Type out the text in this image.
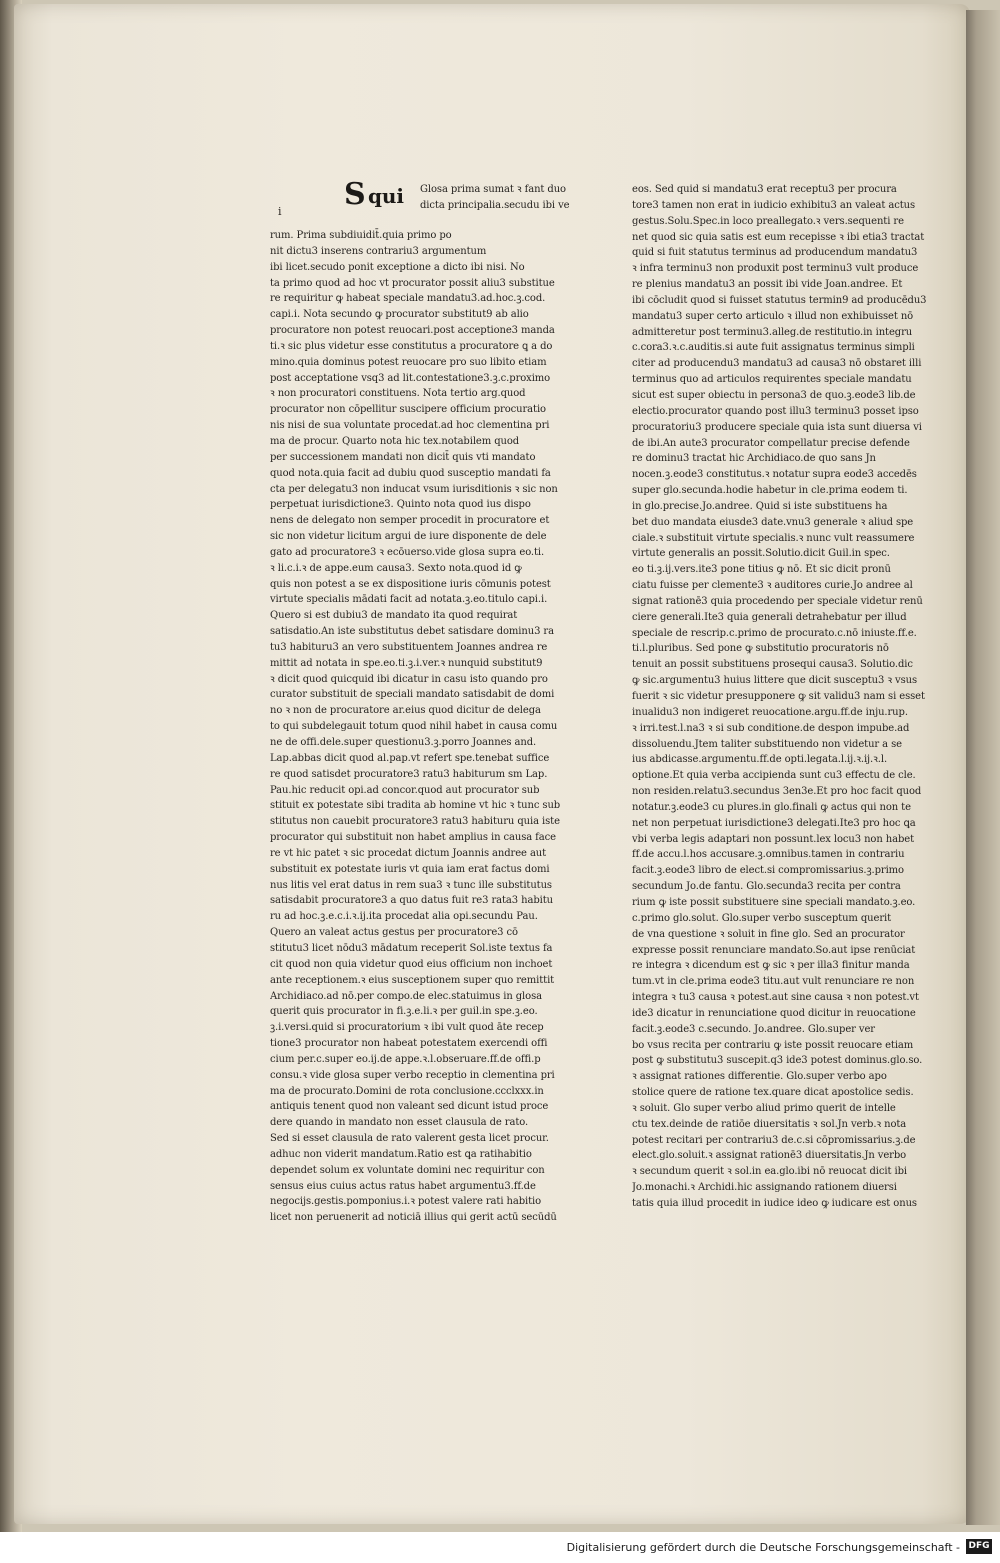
i S qui Glosa prima sumat ꝛ fant duo
dicta principalia.secudu ibi ve
rum. Prima subdiuidit̄.quia primo po
nit dictu3 inserens contrariu3 argumentum
ibi licet.secudo ponit exceptione a dicto ibi nisi. No
ta primo quod ad hoc vt procurator possit aliu3 substitue
re requiritur ꝙ habeat speciale mandatu3.ad.hoc.ꝫ.cod.
capi.i. Nota secundo ꝙ procurator substitut9 ab alio
procuratore non potest reuocari.post acceptione3 manda
ti.ꝛ sic plus videtur esse constitutus a procuratore ꝗ a do
mino.quia dominus potest reuocare pro suo libito etiam
post acceptatione vsq3 ad lit.contestatione3.ꝫ.c.proximo
ꝛ non procuratori constituens. Nota tertio arg.quod
procurator non cōpellitur suscipere officium procuratio
nis nisi de sua voluntate procedat.ad hoc clementina pri
ma de procur. Quarto nota hic tex.notabilem quod
per successionem mandati non dicit̄ quis vti mandato
quod nota.quia facit ad dubiu quod susceptio mandati fa
cta per delegatu3 non inducat vsum iurisditionis ꝛ sic non
perpetuat iurisdictione3. Quinto nota quod ius dispo
nens de delegato non semper procedit in procuratore et
sic non videtur licitum argui de iure disponente de dele
gato ad procuratore3 ꝛ ecōuerso.vide glosa supra eo.ti.
ꝛ li.c.i.ꝛ de appe.eum causa3. Sexto nota.quod id ꝙ
quis non potest a se ex dispositione iuris cōmunis potest
virtute specialis mādati facit ad notata.ꝫ.eo.titulo capi.i.
Quero si est dubiu3 de mandato ita quod requirat
satisdatio.An iste substitutus debet satisdare dominu3 ra
tu3 habituru3 an vero substituentem Joannes andrea re
mittit ad notata in spe.eo.ti.ꝫ.i.ver.ꝛ nunquid substitut9
ꝛ dicit quod quicquid ibi dicatur in casu isto quando pro
curator substituit de speciali mandato satisdabit de domi
no ꝛ non de procuratore ar.eius quod dicitur de delega
to qui subdelegauit totum quod nihil habet in causa comu
ne de offi.dele.super questionu3.ꝫ.porro Joannes and.
Lap.abbas dicit quod al.pap.vt refert spe.tenebat suffice
re quod satisdet procuratore3 ratu3 habiturum sm Lap.
Pau.hic reducit opi.ad concor.quod aut procurator sub
stituit ex potestate sibi tradita ab homine vt hic ꝛ tunc sub
stitutus non cauebit procuratore3 ratu3 habituru quia iste
procurator qui substituit non habet amplius in causa face
re vt hic patet ꝛ sic procedat dictum Joannis andree aut
substituit ex potestate iuris vt quia iam erat factus domi
nus litis vel erat datus in rem sua3 ꝛ tunc ille substitutus
satisdabit procuratore3 a quo datus fuit re3 rata3 habitu
ru ad hoc.ꝫ.e.c.i.ꝛ.ij.ita procedat alia opi.secundu Pau.
Quero an valeat actus gestus per procuratore3 cō
stitutu3 licet nōdu3 mādatum receperit Sol.iste textus fa
cit quod non quia videtur quod eius officium non inchoet
ante receptionem.ꝛ eius susceptionem super quo remittit
Archidiaco.ad nō.per compo.de elec.statuimus in glosa
querit quis procurator in fi.ꝫ.e.li.ꝛ per guil.in spe.ꝫ.eo.
ꝫ.i.versi.quid si procuratorium ꝛ ibi vult quod āte recep
tione3 procurator non habeat potestatem exercendi offi
cium per.c.super eo.ij.de appe.ꝛ.l.obseruare.ff.de offi.p
consu.ꝛ vide glosa super verbo receptio in clementina pri
ma de procurato.Domini de rota conclusione.ccclxxx.in
antiquis tenent quod non valeant sed dicunt istud proce
dere quando in mandato non esset clausula de rato.
Sed si esset clausula de rato valerent gesta licet procur.
adhuc non viderit mandatum.Ratio est ꝗa ratihabitio
dependet solum ex voluntate domini nec requiritur con
sensus eius cuius actus ratus habet argumentu3.ff.de
negocijs.gestis.pomponius.i.ꝛ potest valere rati habitio
licet non peruenerit ad noticiā illius qui gerit actū secūdū
eos. Sed quid si mandatu3 erat receptu3 per procura
tore3 tamen non erat in iudicio exhibitu3 an valeat actus
gestus.Solu.Spec.in loco preallegato.ꝛ vers.sequenti re
net quod sic quia satis est eum recepisse ꝛ ibi etia3 tractat
quid si fuit statutus terminus ad producendum mandatu3
ꝛ infra terminu3 non produxit post terminu3 vult produce
re plenius mandatu3 an possit ibi vide Joan.andree. Et
ibi cōcludit quod si fuisset statutus termin9 ad producēdu3
mandatu3 super certo articulo ꝛ illud non exhibuisset nō
admitteretur post terminu3.alleg.de restitutio.in integru
c.cora3.ꝛ.c.auditis.si aute fuit assignatus terminus simpli
citer ad producendu3 mandatu3 ad causa3 nō obstaret illi
terminus quo ad articulos requirentes speciale mandatu
sicut est super obiectu in persona3 de quo.ꝫ.eode3 lib.de
electio.procurator quando post illu3 terminu3 posset ipso
procuratoriu3 producere speciale quia ista sunt diuersa vi
de ibi.An aute3 procurator compellatur precise defende
re dominu3 tractat hic Archidiaco.de quo sans Jn
nocen.ꝫ.eode3 constitutus.ꝛ notatur supra eode3 accedēs
super glo.secunda.hodie habetur in cle.prima eodem ti.
in glo.precise.Jo.andree. Quid si iste substituens ha
bet duo mandata eiusde3 date.vnu3 generale ꝛ aliud spe
ciale.ꝛ substituit virtute specialis.ꝛ nunc vult reassumere
virtute generalis an possit.Solutio.dicit Guil.in spec.
eo ti.ꝫ.ij.vers.ite3 pone titius ꝙ nō. Et sic dicit pronū
ciatu fuisse per clemente3 ꝛ auditores curie.Jo andree al
signat rationē3 quia procedendo per speciale videtur renū
ciere generali.Ite3 quia generali detrahebatur per illud
speciale de rescrip.c.primo de procurato.c.nō iniuste.ff.e.
ti.l.pluribus. Sed pone ꝙ substitutio procuratoris nō
tenuit an possit substituens prosequi causa3. Solutio.dic
ꝙ sic.argumentu3 huius littere que dicit susceptu3 ꝛ vsus
fuerit ꝛ sic videtur presupponere ꝙ sit validu3 nam si esset
inualidu3 non indigeret reuocatione.argu.ff.de inju.rup.
ꝛ irri.test.l.na3 ꝛ si sub conditione.de despon impube.ad
dissoluendu.Jtem taliter substituendo non videtur a se
ius abdicasse.argumentu.ff.de opti.legata.l.ij.ꝛ.ij.ꝛ.l.
optione.Et quia verba accipienda sunt cu3 effectu de cle.
non residen.relatu3.secundus 3en3e.Et pro hoc facit quod
notatur.ꝫ.eode3 cu plures.in glo.finali ꝙ actus qui non te
net non perpetuat iurisdictione3 delegati.Ite3 pro hoc ꝗa
vbi verba legis adaptari non possunt.lex locu3 non habet
ff.de accu.l.hos accusare.ꝫ.omnibus.tamen in contrariu
facit.ꝫ.eode3 libro de elect.si compromissarius.ꝫ.primo
secundum Jo.de fantu. Glo.secunda3 recita per contra
rium ꝙ iste possit substituere sine speciali mandato.ꝫ.eo.
c.primo glo.solut. Glo.super verbo susceptum querit
de vna questione ꝛ soluit in fine glo. Sed an procurator
expresse possit renunciare mandato.So.aut ipse renūciat
re integra ꝛ dicendum est ꝙ sic ꝛ per illa3 finitur manda
tum.vt in cle.prima eode3 titu.aut vult renunciare re non
integra ꝛ tu3 causa ꝛ potest.aut sine causa ꝛ non potest.vt
ide3 dicatur in renunciatione quod dicitur in reuocatione
facit.ꝫ.eode3 c.secundo. Jo.andree. Glo.super ver
bo vsus recita per contrariu ꝙ iste possit reuocare etiam
post ꝙ substitutu3 suscepit.q3 ide3 potest dominus.glo.so.
ꝛ assignat rationes differentie. Glo.super verbo apo
stolice quere de ratione tex.quare dicat apostolice sedis.
ꝛ soluit. Glo super verbo aliud primo querit de intelle
ctu tex.deinde de ratiōe diuersitatis ꝛ sol.Jn verb.ꝛ nota
potest recitari per contrariu3 de.c.si cōpromissarius.ꝫ.de
elect.glo.soluit.ꝛ assignat rationē3 diuersitatis.Jn verbo
ꝛ secundum querit ꝛ sol.in ea.glo.ibi nō reuocat dicit ibi
Jo.monachi.ꝛ Archidi.hic assignando rationem diuersi
tatis quia illud procedit in iudice ideo ꝙ iudicare est onus
Digitalisierung gefördert durch die Deutsche Forschungsgemeinschaft - DFG
